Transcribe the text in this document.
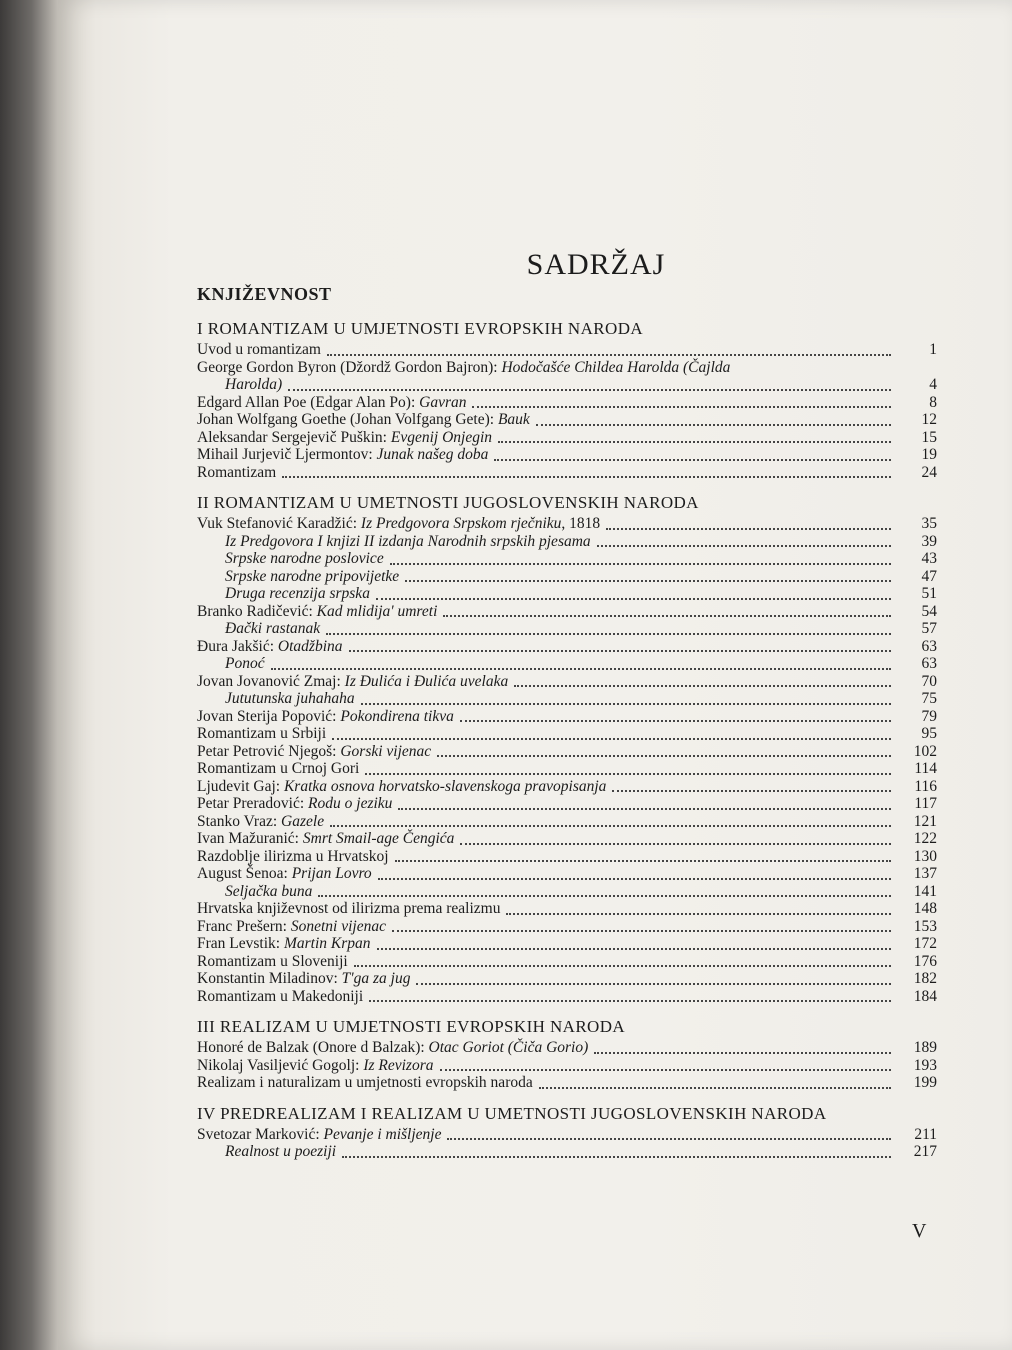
SADRŽAJ
KNJIŽEVNOST
I ROMANTIZAM U UMJETNOSTI EVROPSKIH NARODA
Uvod u romantizam	1
George Gordon Byron (Džordž Gordon Bajron): Hodočašće Childea Harolda (Čajlda
Harolda)	4
Edgard Allan Poe (Edgar Alan Po): Gavran	8
Johan Wolfgang Goethe (Johan Volfgang Gete): Bauk	12
Aleksandar Sergejevič Puškin: Evgenij Onjegin	15
Mihail Jurjevič Ljermontov: Junak našeg doba	19
Romantizam	24
II ROMANTIZAM U UMETNOSTI JUGOSLOVENSKIH NARODA
Vuk Stefanović Karadžić: Iz Predgovora Srpskom rječniku, 1818	35
Iz Predgovora I knjizi II izdanja Narodnih srpskih pjesama	39
Srpske narodne poslovice	43
Srpske narodne pripovijetke	47
Druga recenzija srpska	51
Branko Radičević: Kad mlidija' umreti	54
Đački rastanak	57
Đura Jakšić: Otadžbina	63
Ponoć	63
Jovan Jovanović Zmaj: Iz Đulića i Đulića uvelaka	70
Jututunska juhahaha	75
Jovan Sterija Popović: Pokondirena tikva	79
Romantizam u Srbiji	95
Petar Petrović Njegoš: Gorski vijenac	102
Romantizam u Crnoj Gori	114
Ljudevit Gaj: Kratka osnova horvatsko-slavenskoga pravopisanja	116
Petar Preradović: Rodu o jeziku	117
Stanko Vraz: Gazele	121
Ivan Mažuranić: Smrt Smail-age Čengića	122
Razdoblje ilirizma u Hrvatskoj	130
August Šenoa: Prijan Lovro	137
Seljačka buna	141
Hrvatska književnost od ilirizma prema realizmu	148
Franc Prešern: Sonetni vijenac	153
Fran Levstik: Martin Krpan	172
Romantizam u Sloveniji	176
Konstantin Miladinov: T'ga za jug	182
Romantizam u Makedoniji	184
III REALIZAM U UMJETNOSTI EVROPSKIH NARODA
Honoré de Balzak (Onore d Balzak): Otac Goriot (Čiča Gorio)	189
Nikolaj Vasiljević Gogolj: Iz Revizora	193
Realizam i naturalizam u umjetnosti evropskih naroda	199
IV PREDREALIZAM I REALIZAM U UMETNOSTI JUGOSLOVENSKIH NARODA
Svetozar Marković: Pevanje i mišljenje	211
Realnost u poeziji	217
V
